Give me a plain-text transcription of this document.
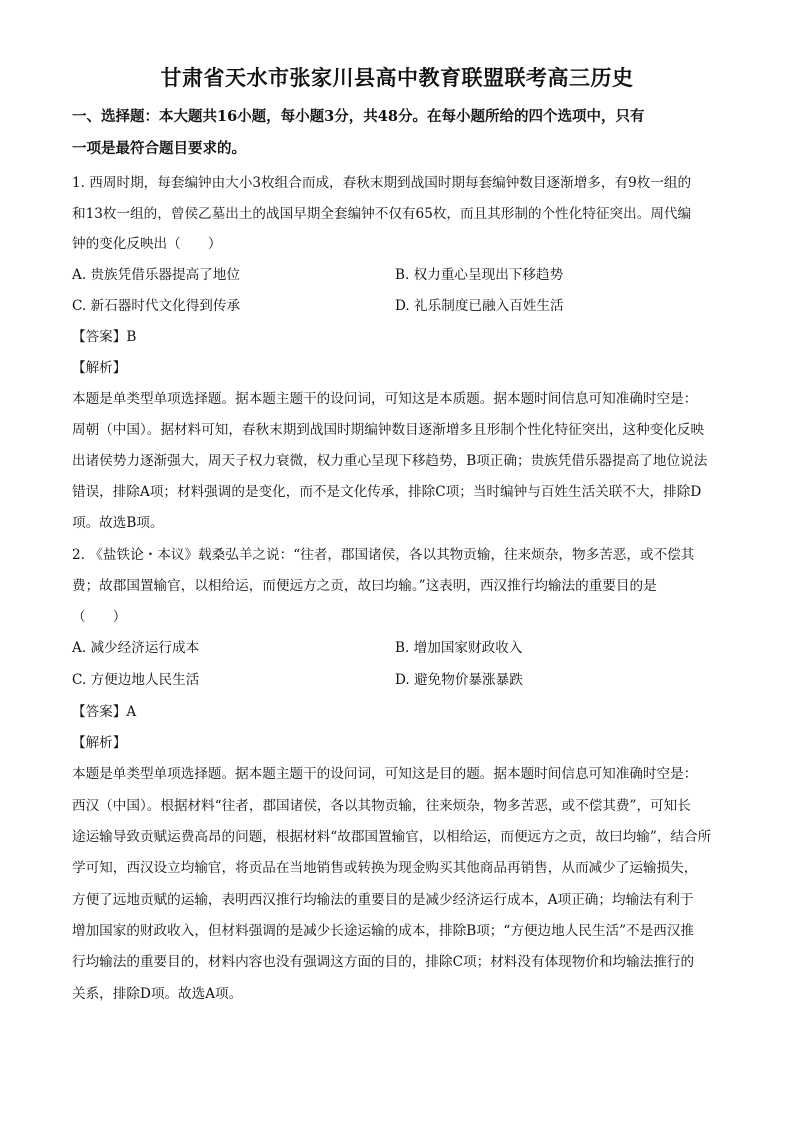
甘肃省天水市张家川县高中教育联盟联考高三历史
一、选择题：本大题共16小题，每小题3分，共48分。在每小题所给的四个选项中，只有
一项是最符合题目要求的。
1. 西周时期，每套编钟由大小3枚组合而成，春秋末期到战国时期每套编钟数目逐渐增多，有9枚一组的
和13枚一组的，曾侯乙墓出土的战国早期全套编钟不仅有65枚，而且其形制的个性化特征突出。周代编
钟的变化反映出（　　）
A. 贵族凭借乐器提高了地位	B. 权力重心呈现出下移趋势
C. 新石器时代文化得到传承	D. 礼乐制度已融入百姓生活
【答案】B
【解析】
本题是单类型单项选择题。据本题主题干的设问词，可知这是本质题。据本题时间信息可知准确时空是：
周朝（中国）。据材料可知，春秋末期到战国时期编钟数目逐渐增多且形制个性化特征突出，这种变化反映
出诸侯势力逐渐强大，周天子权力衰微，权力重心呈现下移趋势，B项正确；贵族凭借乐器提高了地位说法
错误，排除A项；材料强调的是变化，而不是文化传承，排除C项；当时编钟与百姓生活关联不大，排除D
项。故选B项。
2. 《盐铁论・本议》载桑弘羊之说：“往者，郡国诸侯，各以其物贡输，往来烦杂，物多苦恶，或不偿其
费；故郡国置输官，以相给运，而便远方之贡，故曰均输。”这表明，西汉推行均输法的重要目的是
（　　）
A. 减少经济运行成本	B. 增加国家财政收入
C. 方便边地人民生活	D. 避免物价暴涨暴跌
【答案】A
【解析】
本题是单类型单项选择题。据本题主题干的设问词，可知这是目的题。据本题时间信息可知准确时空是：
西汉（中国）。根据材料“往者，郡国诸侯，各以其物贡输，往来烦杂，物多苦恶，或不偿其费”，可知长
途运输导致贡赋运费高昂的问题，根据材料“故郡国置输官，以相给运，而便远方之贡，故曰均输”，结合所
学可知，西汉设立均输官，将贡品在当地销售或转换为现金购买其他商品再销售，从而减少了运输损失，
方便了远地贡赋的运输，表明西汉推行均输法的重要目的是减少经济运行成本，A项正确；均输法有利于
增加国家的财政收入，但材料强调的是减少长途运输的成本，排除B项；“方便边地人民生活”不是西汉推
行均输法的重要目的，材料内容也没有强调这方面的目的，排除C项；材料没有体现物价和均输法推行的
关系，排除D项。故选A项。
